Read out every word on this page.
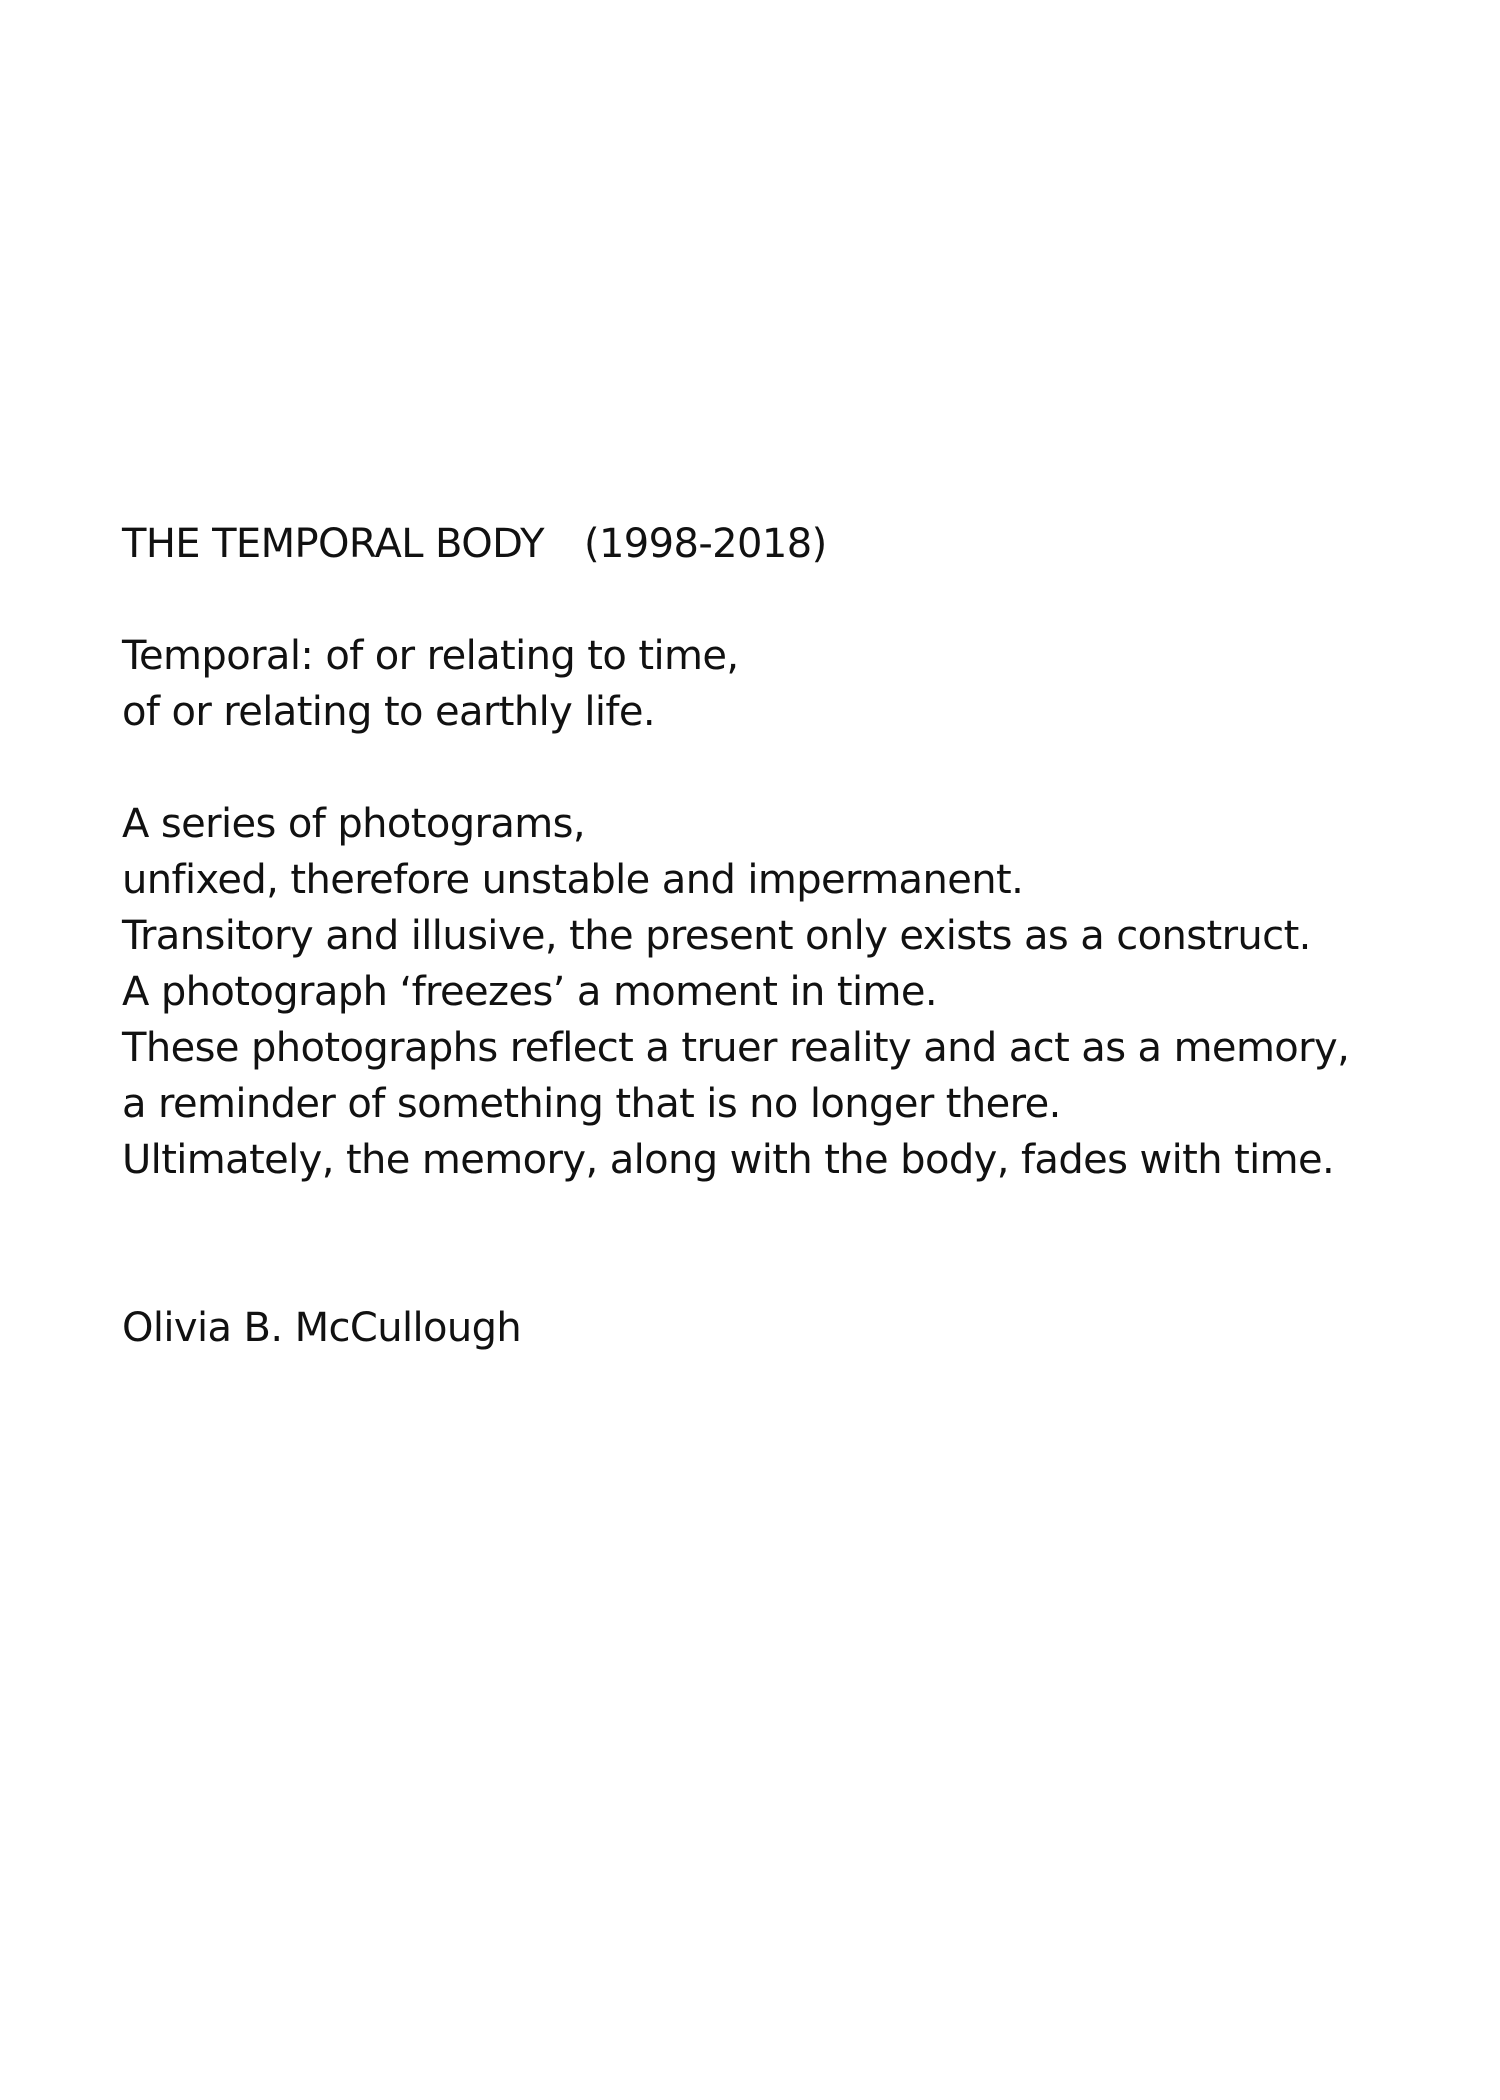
THE TEMPORAL BODY (1998-2018)

Temporal: of or relating to time,
of or relating to earthly life.

A series of photograms,
unfixed, therefore unstable and impermanent.
Transitory and illusive, the present only exists as a construct.
A photograph ‘freezes’ a moment in time.
These photographs reflect a truer reality and act as a memory,
a reminder of something that is no longer there.
Ultimately, the memory, along with the body, fades with time.

Olivia B. McCullough
